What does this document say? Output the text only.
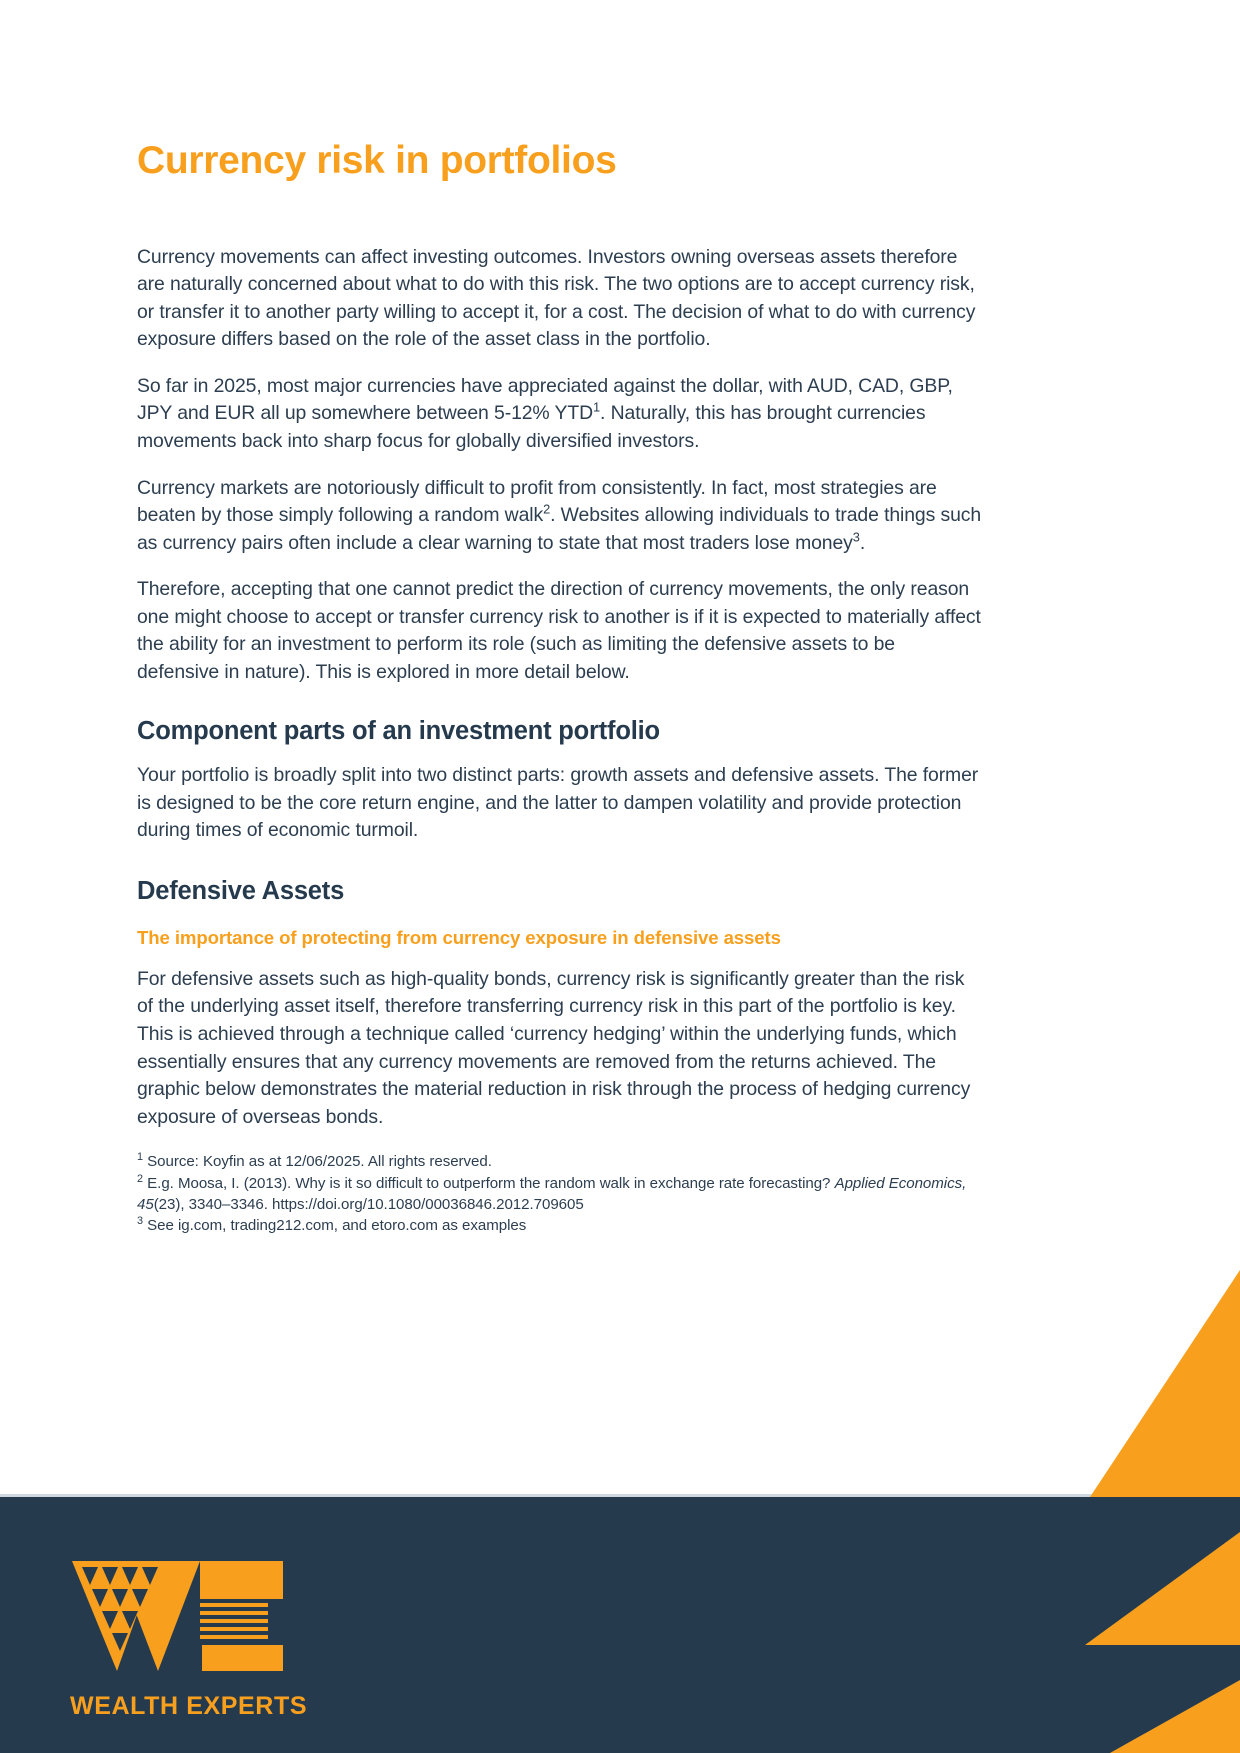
Currency risk in portfolios

Currency movements can affect investing outcomes. Investors owning overseas assets therefore are naturally concerned about what to do with this risk. The two options are to accept currency risk, or transfer it to another party willing to accept it, for a cost. The decision of what to do with currency exposure differs based on the role of the asset class in the portfolio.

So far in 2025, most major currencies have appreciated against the dollar, with AUD, CAD, GBP, JPY and EUR all up somewhere between 5-12% YTD$^1$. Naturally, this has brought currencies movements back into sharp focus for globally diversified investors.

Currency markets are notoriously difficult to profit from consistently. In fact, most strategies are beaten by those simply following a random walk$^2$. Websites allowing individuals to trade things such as currency pairs often include a clear warning to state that most traders lose money$^3$.

Therefore, accepting that one cannot predict the direction of currency movements, the only reason one might choose to accept or transfer currency risk to another is if it is expected to materially affect the ability for an investment to perform its role (such as limiting the defensive assets to be defensive in nature). This is explored in more detail below.

Component parts of an investment portfolio

Your portfolio is broadly split into two distinct parts: growth assets and defensive assets. The former is designed to be the core return engine, and the latter to dampen volatility and provide protection during times of economic turmoil.

Defensive Assets
The importance of protecting from currency exposure in defensive assets

For defensive assets such as high-quality bonds, currency risk is significantly greater than the risk of the underlying asset itself, therefore transferring currency risk in this part of the portfolio is key. This is achieved through a technique called ‘currency hedging’ within the underlying funds, which essentially ensures that any currency movements are removed from the returns achieved. The graphic below demonstrates the material reduction in risk through the process of hedging currency exposure of overseas bonds.

$^1$ Source: Koyfin as at 12/06/2025. All rights reserved.

$^2$ E.g. Moosa, I. (2013). Why is it so difficult to outperform the random walk in exchange rate forecasting? Applied Economics, 45(23), 3340–3346. https://doi.org/10.1080/00036846.2012.709605

$^3$ See ig.com, trading212.com, and etoro.com as examples

WEALTH EXPERTS
